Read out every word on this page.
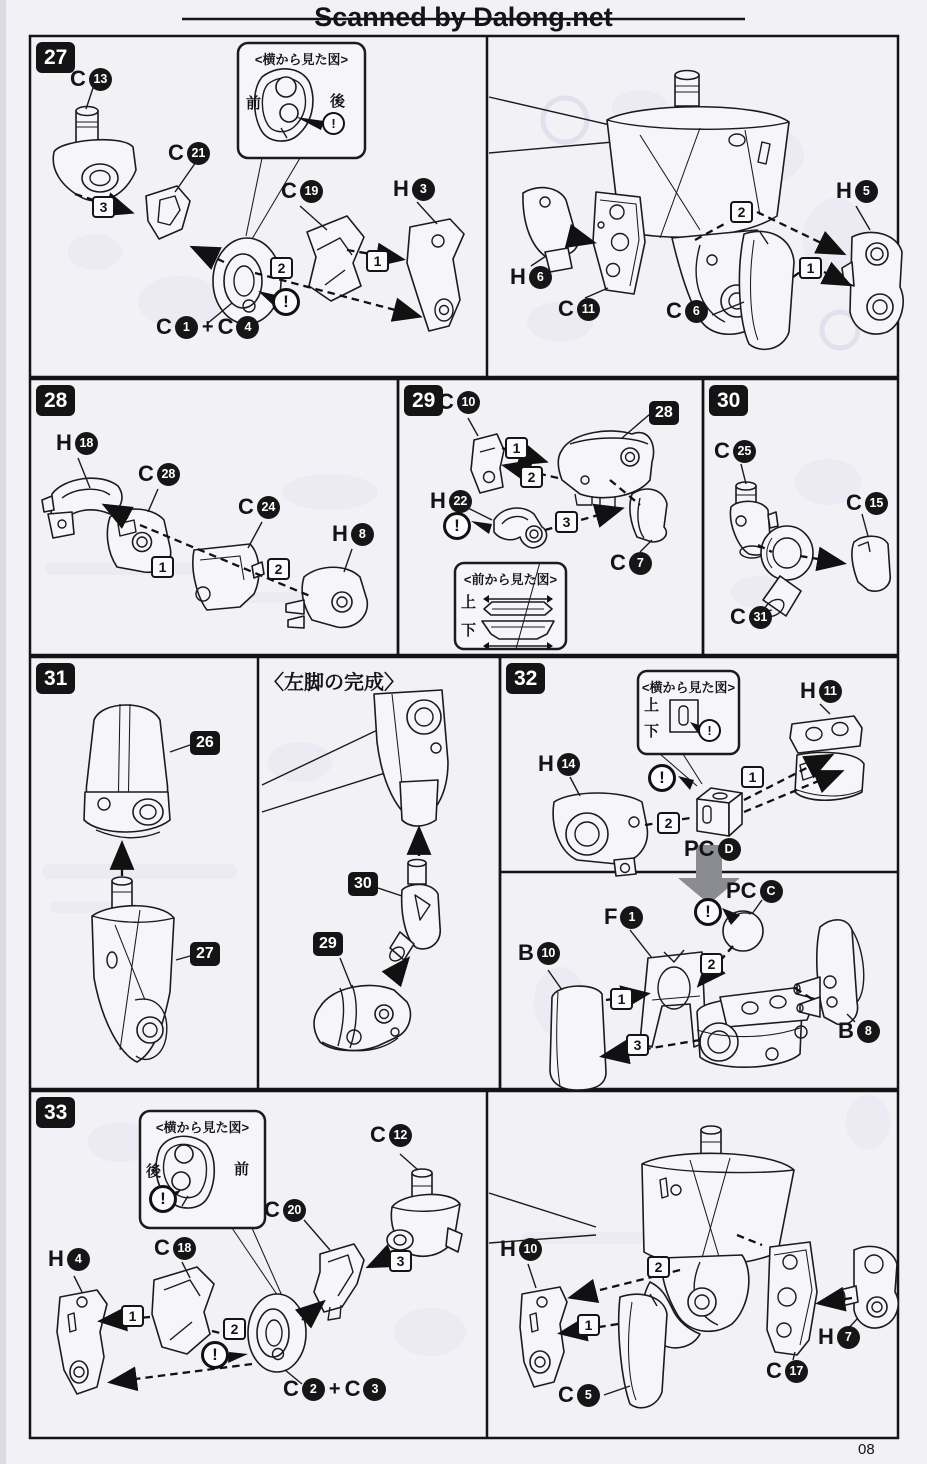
Scanned by Dalong.net
27
C 13
<横から見た図>
前	後
!
C 21
C 19	H 3
3
2	1
!
C 1 + C 4
H 6
C 11	C 6
H 5
2
1
28
H 18
C 28
C 24
H 8
1	2
29 C 10
28
1
2
H 22
!	3
C 7
<前から見た図>
上
下
30
C 25
C 15
C 31
31
26
27
〈左脚の完成〉
30
29
32	<横から見た図>
上
下	!
H 14
H 11
!	1
2
PC D
PC C
!
F 1
B 10
2
1
3
B 8
33
<横から見た図>
後	前
!
C 12
C 20
C 18
H 4
1
2
3
!
C 2 + C 3
H 10
2
1
C 5
C 17
H 7
08
